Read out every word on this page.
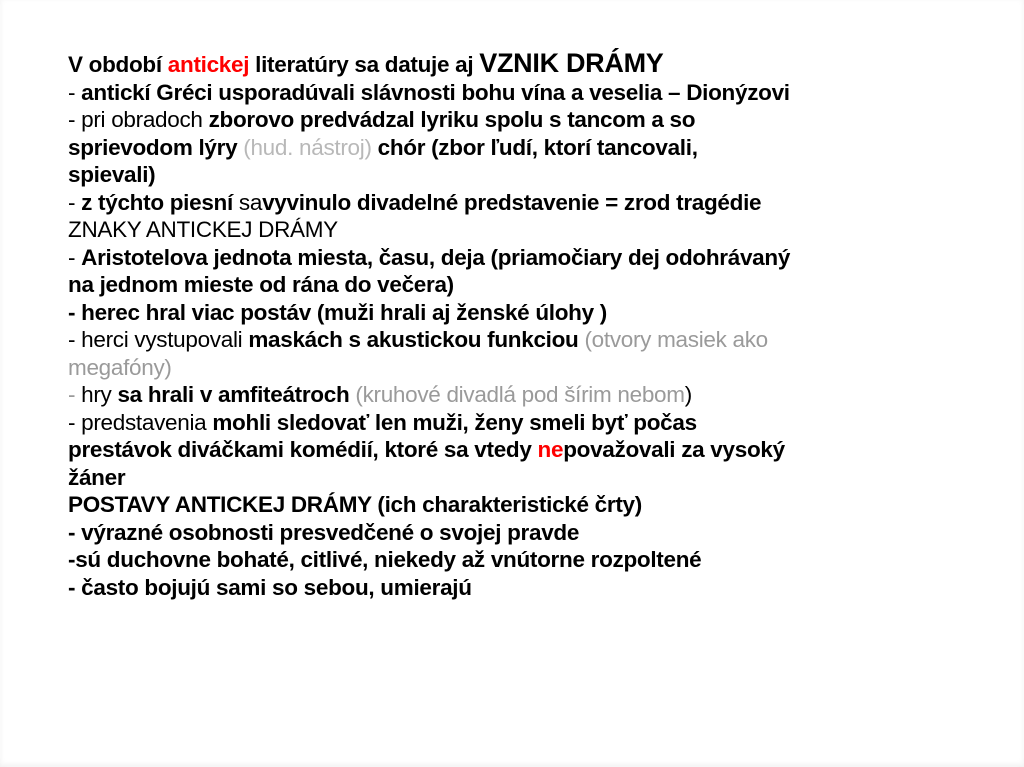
V období antickej literatúry sa datuje aj VZNIK DRÁMY
- antickí Gréci usporadúvali slávnosti bohu vína a veselia – Dionýzovi
- pri obradoch zborovo predvádzal lyriku spolu s tancom a so
sprievodom lýry (hud. nástroj) chór (zbor ľudí, ktorí tancovali,
spievali)
- z týchto piesní savyvinulo divadelné predstavenie = zrod tragédie
ZNAKY ANTICKEJ DRÁMY
- Aristotelova jednota miesta, času, deja (priamočiary dej odohrávaný
na jednom mieste od rána do večera)
- herec hral viac postáv (muži hrali aj ženské úlohy )
- herci vystupovali maskách s akustickou funkciou (otvory masiek ako
megafóny)
- hry sa hrali v amfiteátroch (kruhové divadlá pod šírim nebom)
- predstavenia mohli sledovať len muži, ženy smeli byť počas
prestávok diváčkami komédií, ktoré sa vtedy nepovažovali za vysoký
žáner
POSTAVY ANTICKEJ DRÁMY (ich charakteristické črty)
- výrazné osobnosti presvedčené o svojej pravde
-sú duchovne bohaté, citlivé, niekedy až vnútorne rozpoltené
- často bojujú sami so sebou, umierajú
